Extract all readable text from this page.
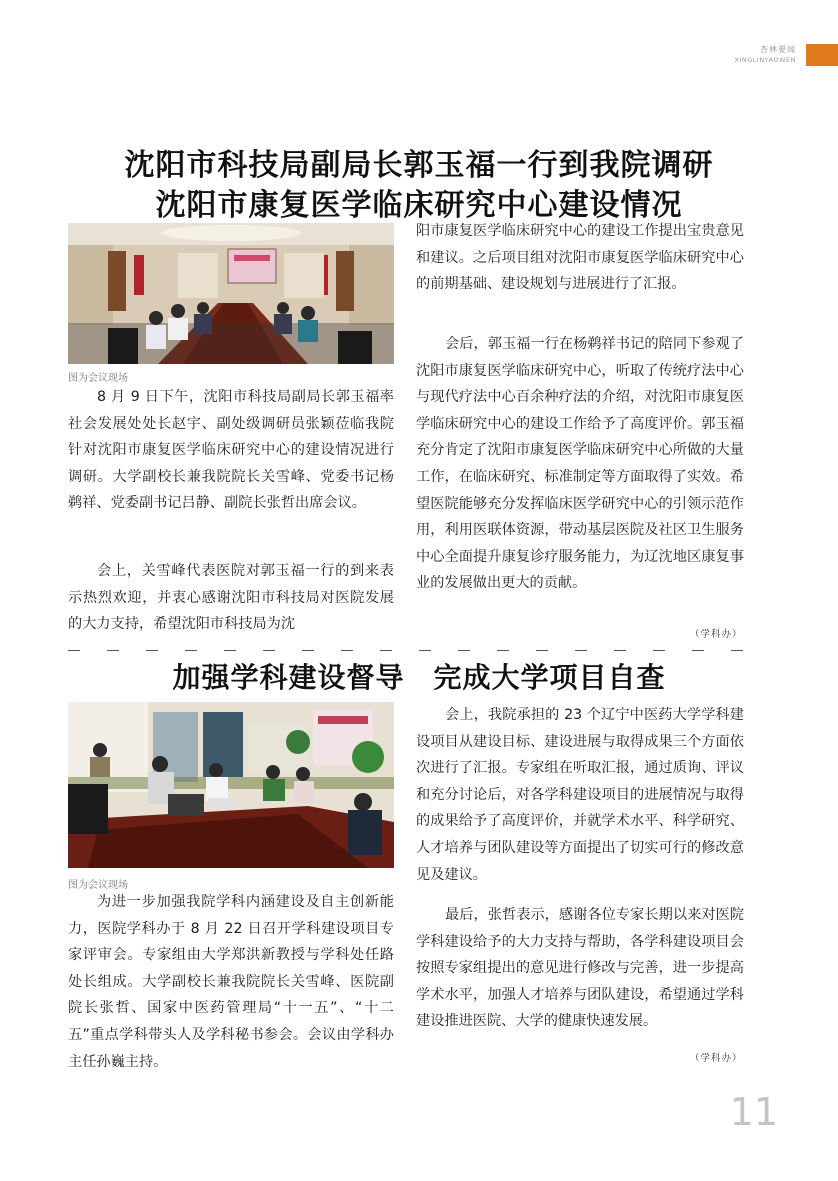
杏林要闻
XINGLINYAOWEN
沈阳市科技局副局长郭玉福一行到我院调研
沈阳市康复医学临床研究中心建设情况
图为会议现场

8 月 9 日下午，沈阳市科技局副局长郭玉福率社会发展处处长赵宇、副处级调研员张颖莅临我院针对沈阳市康复医学临床研究中心的建设情况进行调研。大学副校长兼我院院长关雪峰、党委书记杨鹈祥、党委副书记吕静、副院长张哲出席会议。

会上，关雪峰代表医院对郭玉福一行的到来表示热烈欢迎，并衷心感谢沈阳市科技局对医院发展的大力支持，希望沈阳市科技局为沈

阳市康复医学临床研究中心的建设工作提出宝贵意见和建议。之后项目组对沈阳市康复医学临床研究中心的前期基础、建设规划与进展进行了汇报。

会后，郭玉福一行在杨鹈祥书记的陪同下参观了沈阳市康复医学临床研究中心，听取了传统疗法中心与现代疗法中心百余种疗法的介绍，对沈阳市康复医学临床研究中心的建设工作给予了高度评价。郭玉福充分肯定了沈阳市康复医学临床研究中心所做的大量工作，在临床研究、标准制定等方面取得了实效。希望医院能够充分发挥临床医学研究中心的引领示范作用，利用医联体资源，带动基层医院及社区卫生服务中心全面提升康复诊疗服务能力，为辽沈地区康复事业的发展做出更大的贡献。

（学科办）
加强学科建设督导　完成大学项目自查
图为会议现场

为进一步加强我院学科内涵建设及自主创新能力，医院学科办于 8 月 22 日召开学科建设项目专家评审会。专家组由大学郑洪新教授与学科处任路处长组成。大学副校长兼我院院长关雪峰、医院副院长张哲、国家中医药管理局“十一五”、“十二五”重点学科带头人及学科秘书参会。会议由学科办主任孙巍主持。

会上，我院承担的 23 个辽宁中医药大学学科建设项目从建设目标、建设进展与取得成果三个方面依次进行了汇报。专家组在听取汇报，通过质询、评议和充分讨论后，对各学科建设项目的进展情况与取得的成果给予了高度评价，并就学术水平、科学研究、人才培养与团队建设等方面提出了切实可行的修改意见及建议。

最后，张哲表示，感谢各位专家长期以来对医院学科建设给予的大力支持与帮助，各学科建设项目会按照专家组提出的意见进行修改与完善，进一步提高学术水平，加强人才培养与团队建设，希望通过学科建设推进医院、大学的健康快速发展。

（学科办）
11
